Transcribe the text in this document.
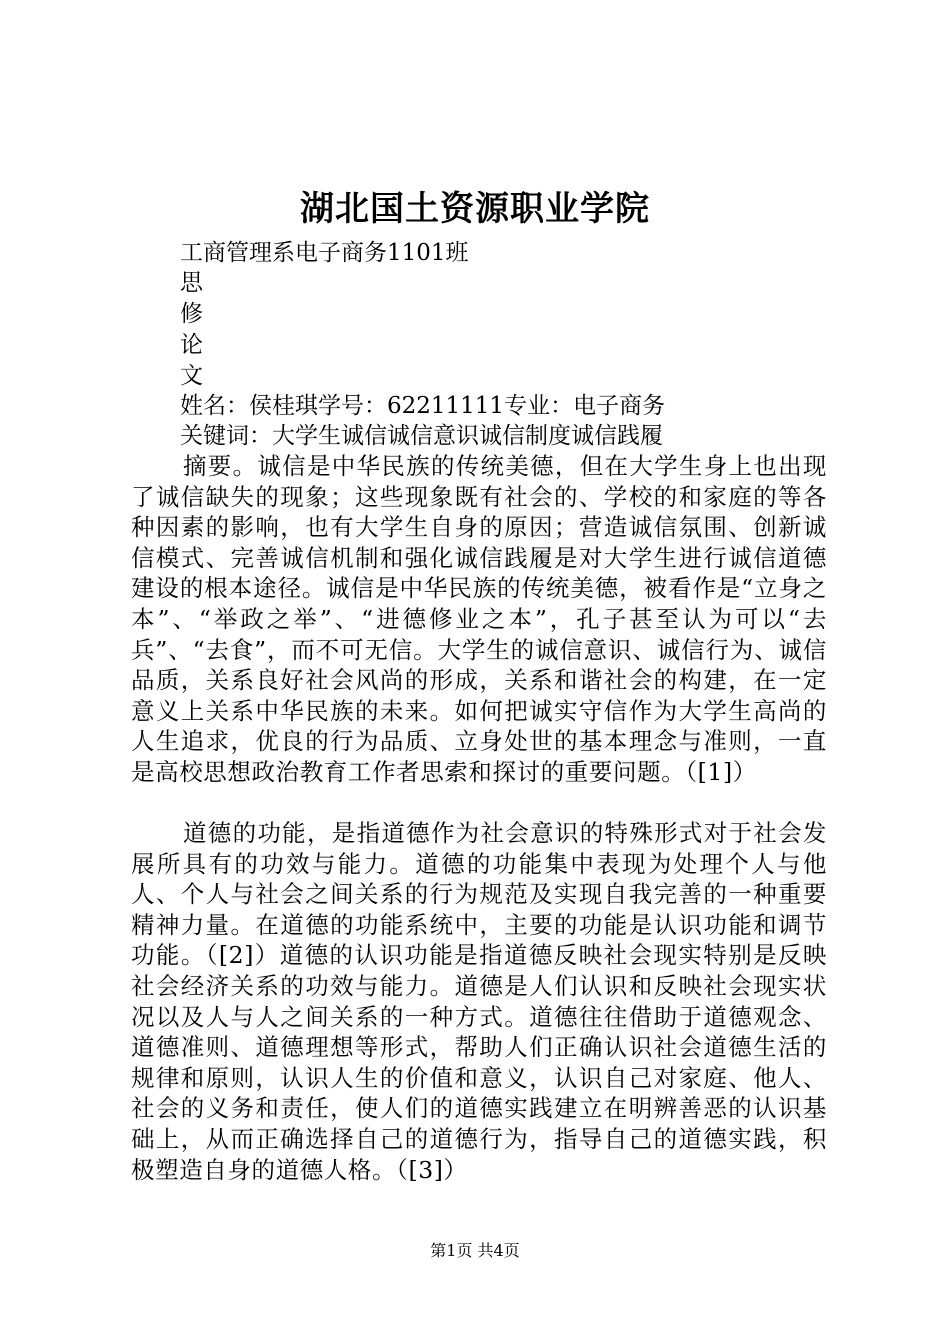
湖北国土资源职业学院
工商管理系电子商务1101班
思
修
论
文
姓名：侯桂琪学号：62211111专业：电子商务
关键词：大学生诚信诚信意识诚信制度诚信践履
摘要。诚信是中华民族的传统美德，但在大学生身上也出现了诚信缺失的现象；这些现象既有社会的、学校的和家庭的等各种因素的影响，也有大学生自身的原因；营造诚信氛围、创新诚信模式、完善诚信机制和强化诚信践履是对大学生进行诚信道德建设的根本途径。诚信是中华民族的传统美德，被看作是“立身之本”、“举政之举”、“进德修业之本”，孔子甚至认为可以“去兵”、“去食”，而不可无信。大学生的诚信意识、诚信行为、诚信品质，关系良好社会风尚的形成，关系和谐社会的构建，在一定意义上关系中华民族的未来。如何把诚实守信作为大学生高尚的人生追求，优良的行为品质、立身处世的基本理念与准则，一直是高校思想政治教育工作者思索和探讨的重要问题。（[1]）
道德的功能，是指道德作为社会意识的特殊形式对于社会发展所具有的功效与能力。道德的功能集中表现为处理个人与他人、个人与社会之间关系的行为规范及实现自我完善的一种重要精神力量。在道德的功能系统中，主要的功能是认识功能和调节功能。（[2]）道德的认识功能是指道德反映社会现实特别是反映社会经济关系的功效与能力。道德是人们认识和反映社会现实状况以及人与人之间关系的一种方式。道德往往借助于道德观念、道德准则、道德理想等形式，帮助人们正确认识社会道德生活的规律和原则，认识人生的价值和意义，认识自己对家庭、他人、社会的义务和责任，使人们的道德实践建立在明辨善恶的认识基础上，从而正确选择自己的道德行为，指导自己的道德实践，积极塑造自身的道德人格。（[3]）
第1页 共4页
